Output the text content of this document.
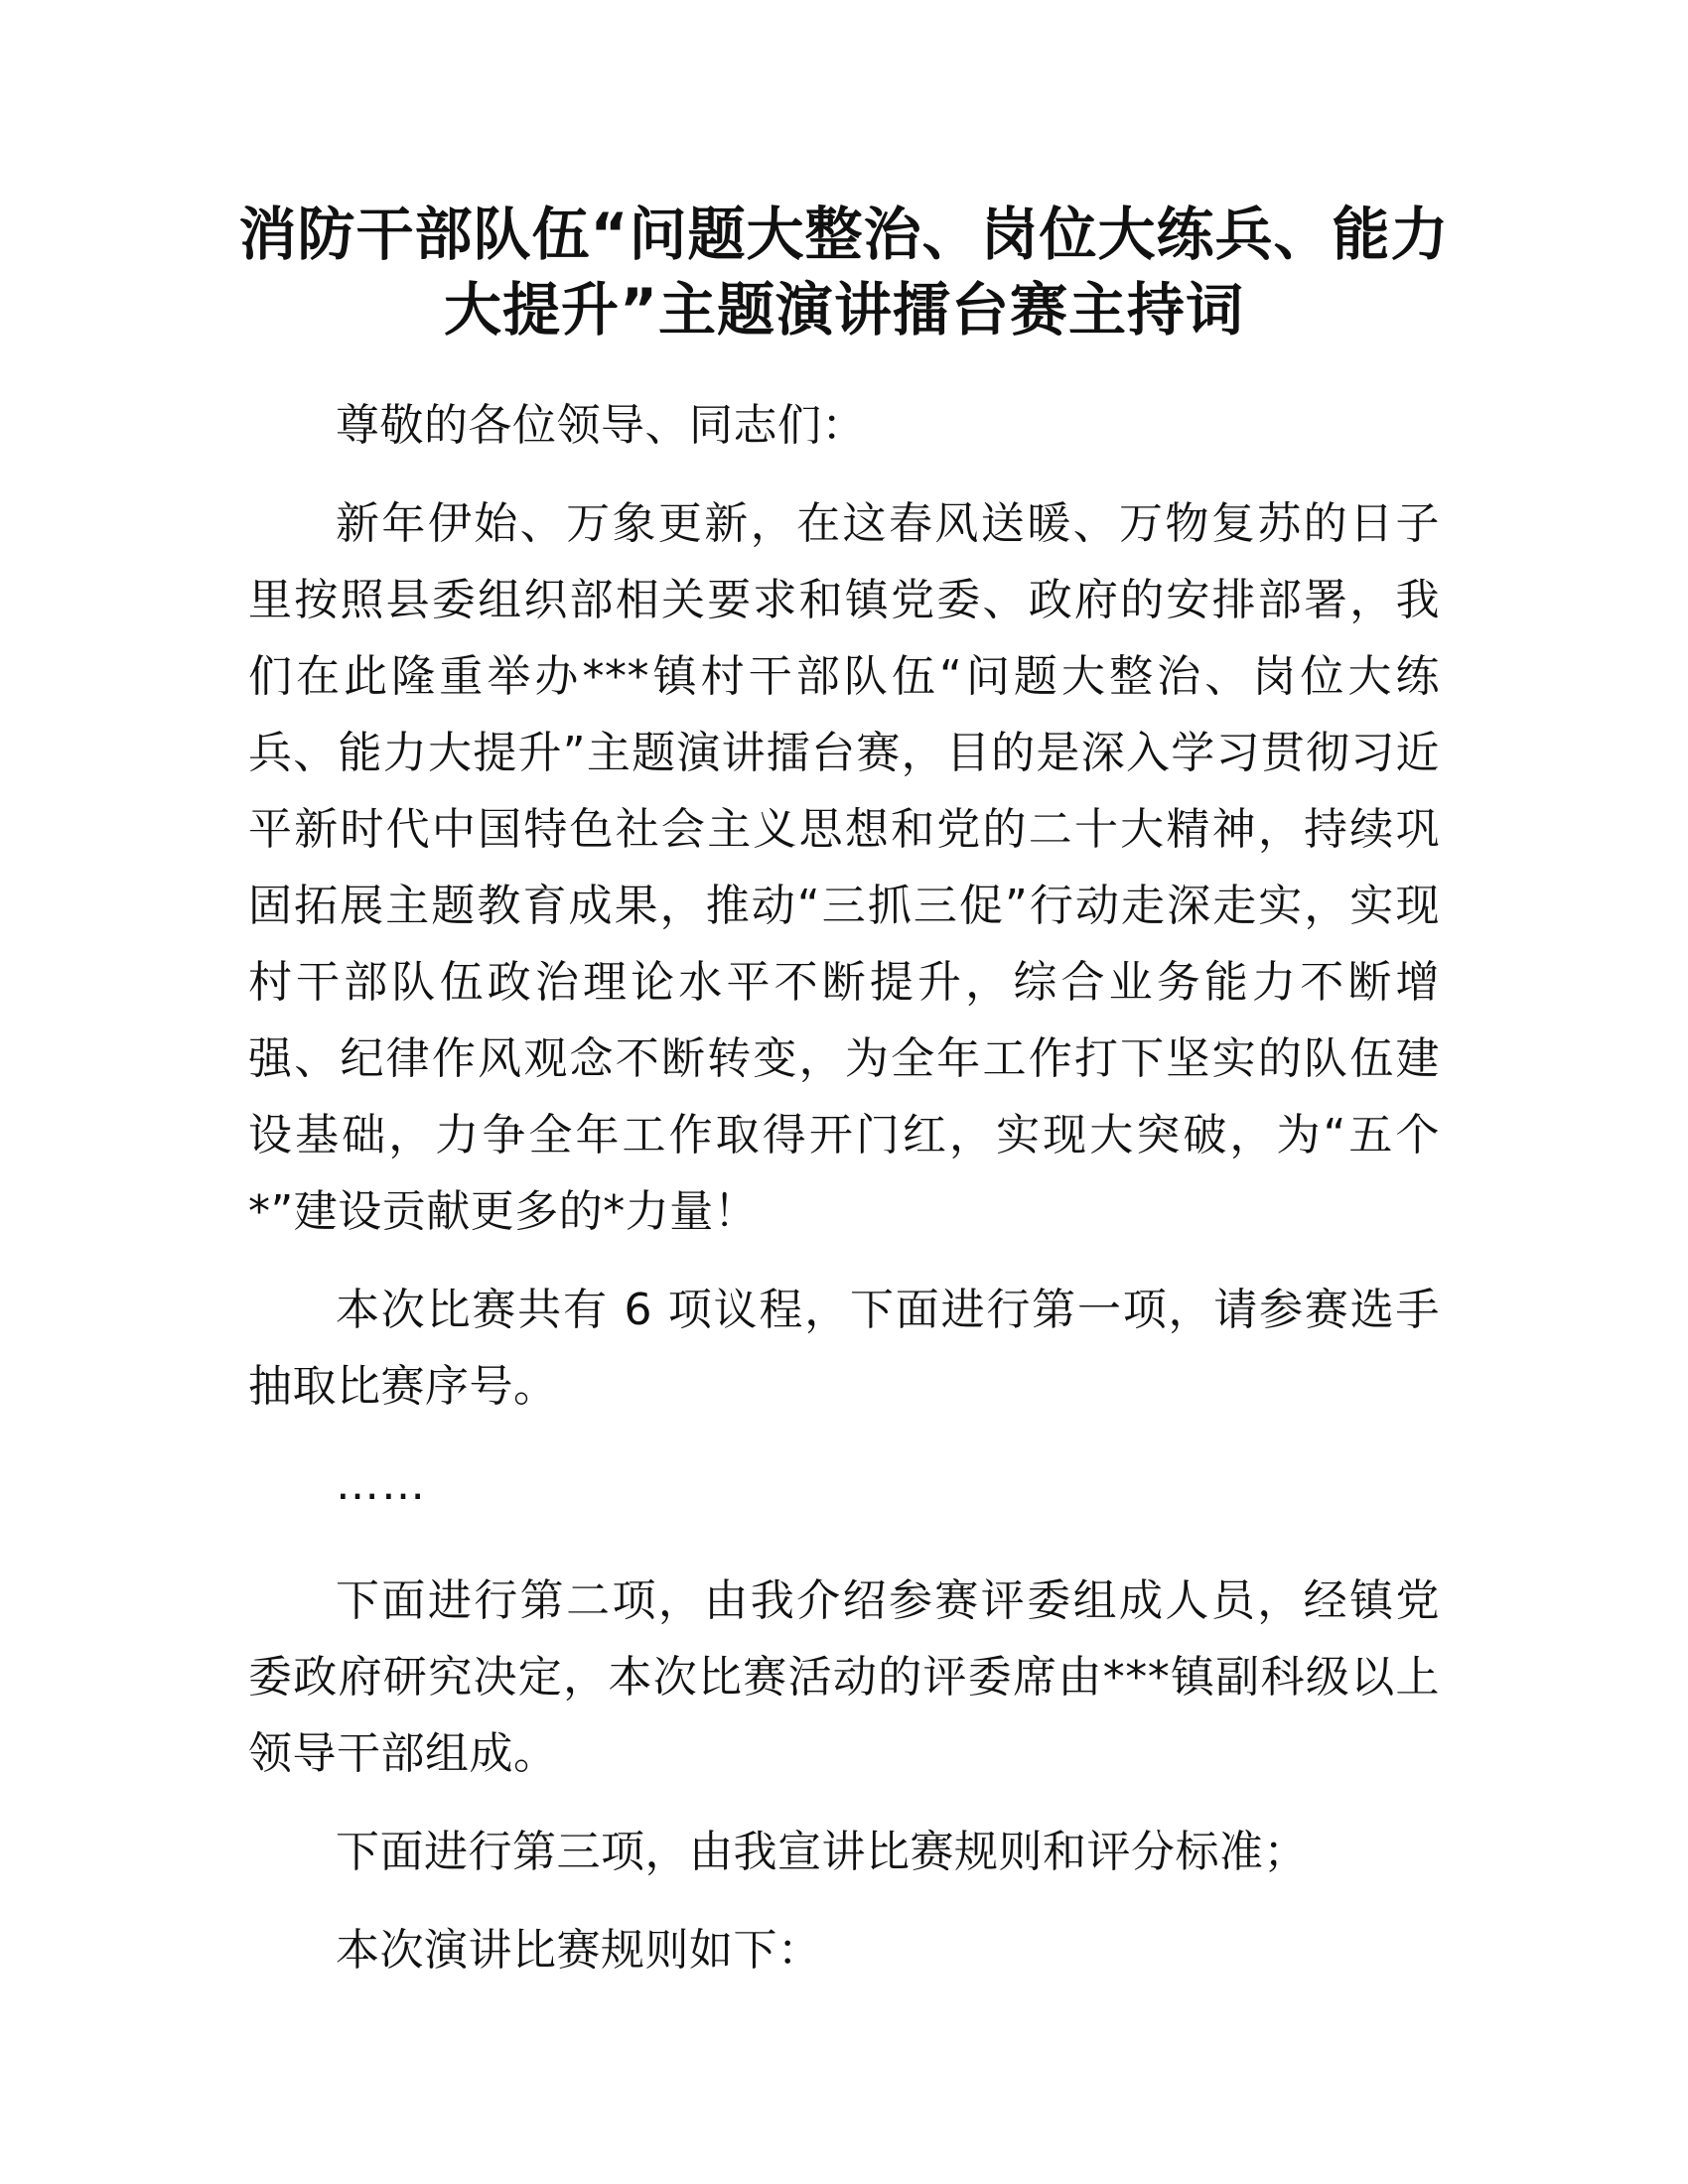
消防干部队伍“问题大整治、岗位大练兵、能力大提升”主题演讲擂台赛主持词

尊敬的各位领导、同志们：

新年伊始、万象更新，在这春风送暖、万物复苏的日子里按照县委组织部相关要求和镇党委、政府的安排部署，我们在此隆重举办***镇村干部队伍“问题大整治、岗位大练兵、能力大提升”主题演讲擂台赛，目的是深入学习贯彻习近平新时代中国特色社会主义思想和党的二十大精神，持续巩固拓展主题教育成果，推动“三抓三促”行动走深走实，实现村干部队伍政治理论水平不断提升，综合业务能力不断增强、纪律作风观念不断转变，为全年工作打下坚实的队伍建设基础，力争全年工作取得开门红，实现大突破，为“五个*”建设贡献更多的*力量！

本次比赛共有 6 项议程，下面进行第一项，请参赛选手抽取比赛序号。

……

下面进行第二项，由我介绍参赛评委组成人员，经镇党委政府研究决定，本次比赛活动的评委席由***镇副科级以上领导干部组成。

下面进行第三项，由我宣讲比赛规则和评分标准；

本次演讲比赛规则如下：
